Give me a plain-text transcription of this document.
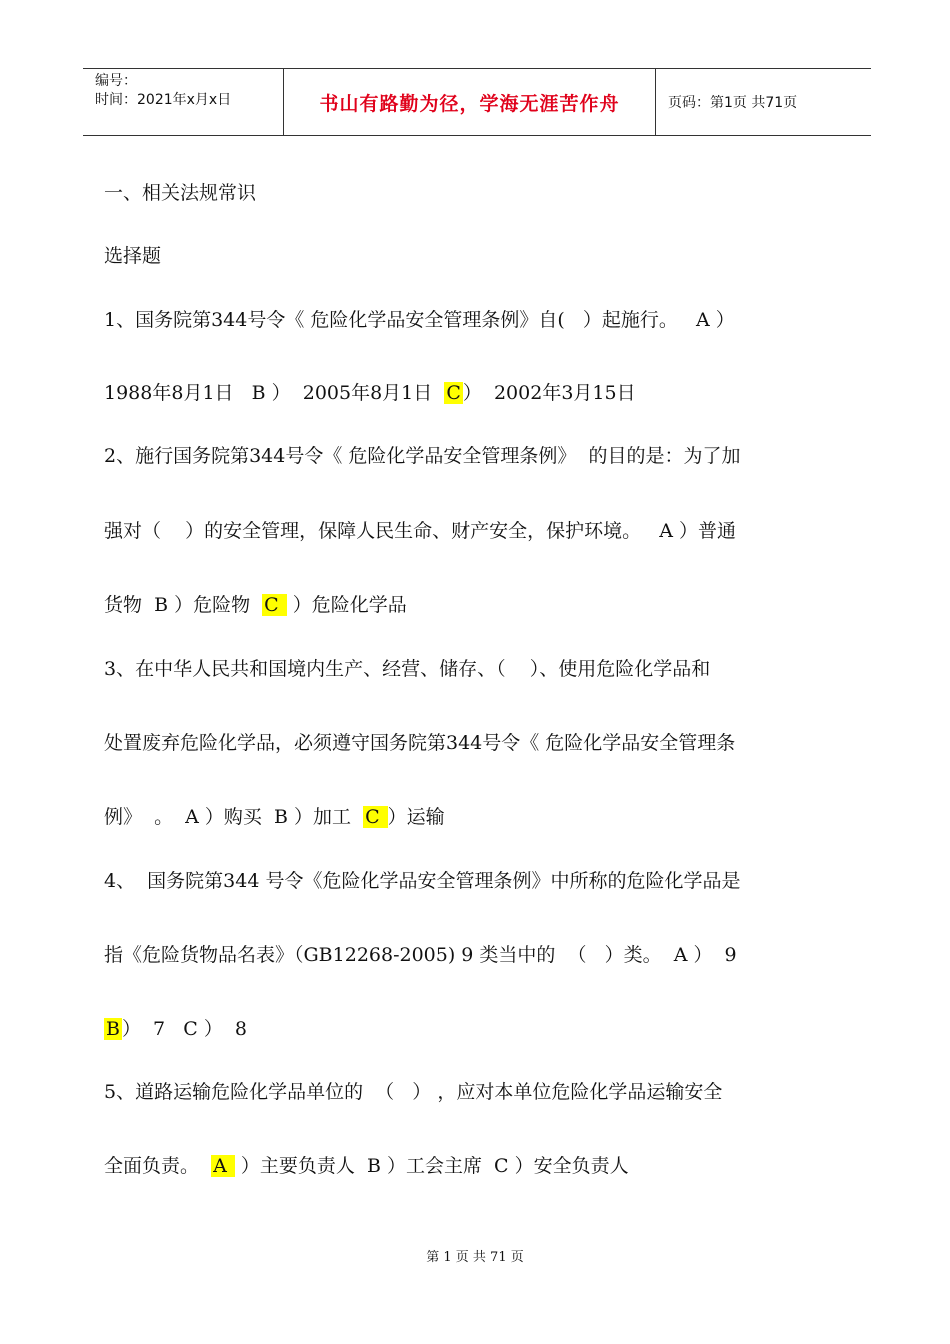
编号：
时间：2021年x月x日	书山有路勤为径，学海无涯苦作舟	页码：第1页 共71页
一、相关法规常识
选择题
1、国务院第344号令《 危险化学品安全管理条例》自(   ）起施行。   A ）
1988年8月1日   B ）  2005年8月1日  C ）  2002年3月15日
2、施行国务院第344号令《 危险化学品安全管理条例》  的目的是：为了加
强对（    ）的安全管理，保障人民生命、财产安全，保护环境。   A ）普通
货物  B ）危险物  C  ）危险化学品
3、在中华人民共和国境内生产、经营、储存、（    ）、使用危险化学品和
处置废弃危险化学品，必须遵守国务院第344号令《 危险化学品安全管理条
例》  。  A ）购买  B ）加工  C ）运输
4、  国务院第344 号令《危险化学品安全管理条例》中所称的危险化学品是
指《危险货物品名表》（GB12268-2005) 9 类当中的  （   ）类。  A ）  9
B ）  7   C ）  8
5、道路运输危险化学品单位的  （   ） ，应对本单位危险化学品运输安全
全面负责。  A  ）主要负责人  B ）工会主席  C ）安全负责人
第 1 页 共 71 页
